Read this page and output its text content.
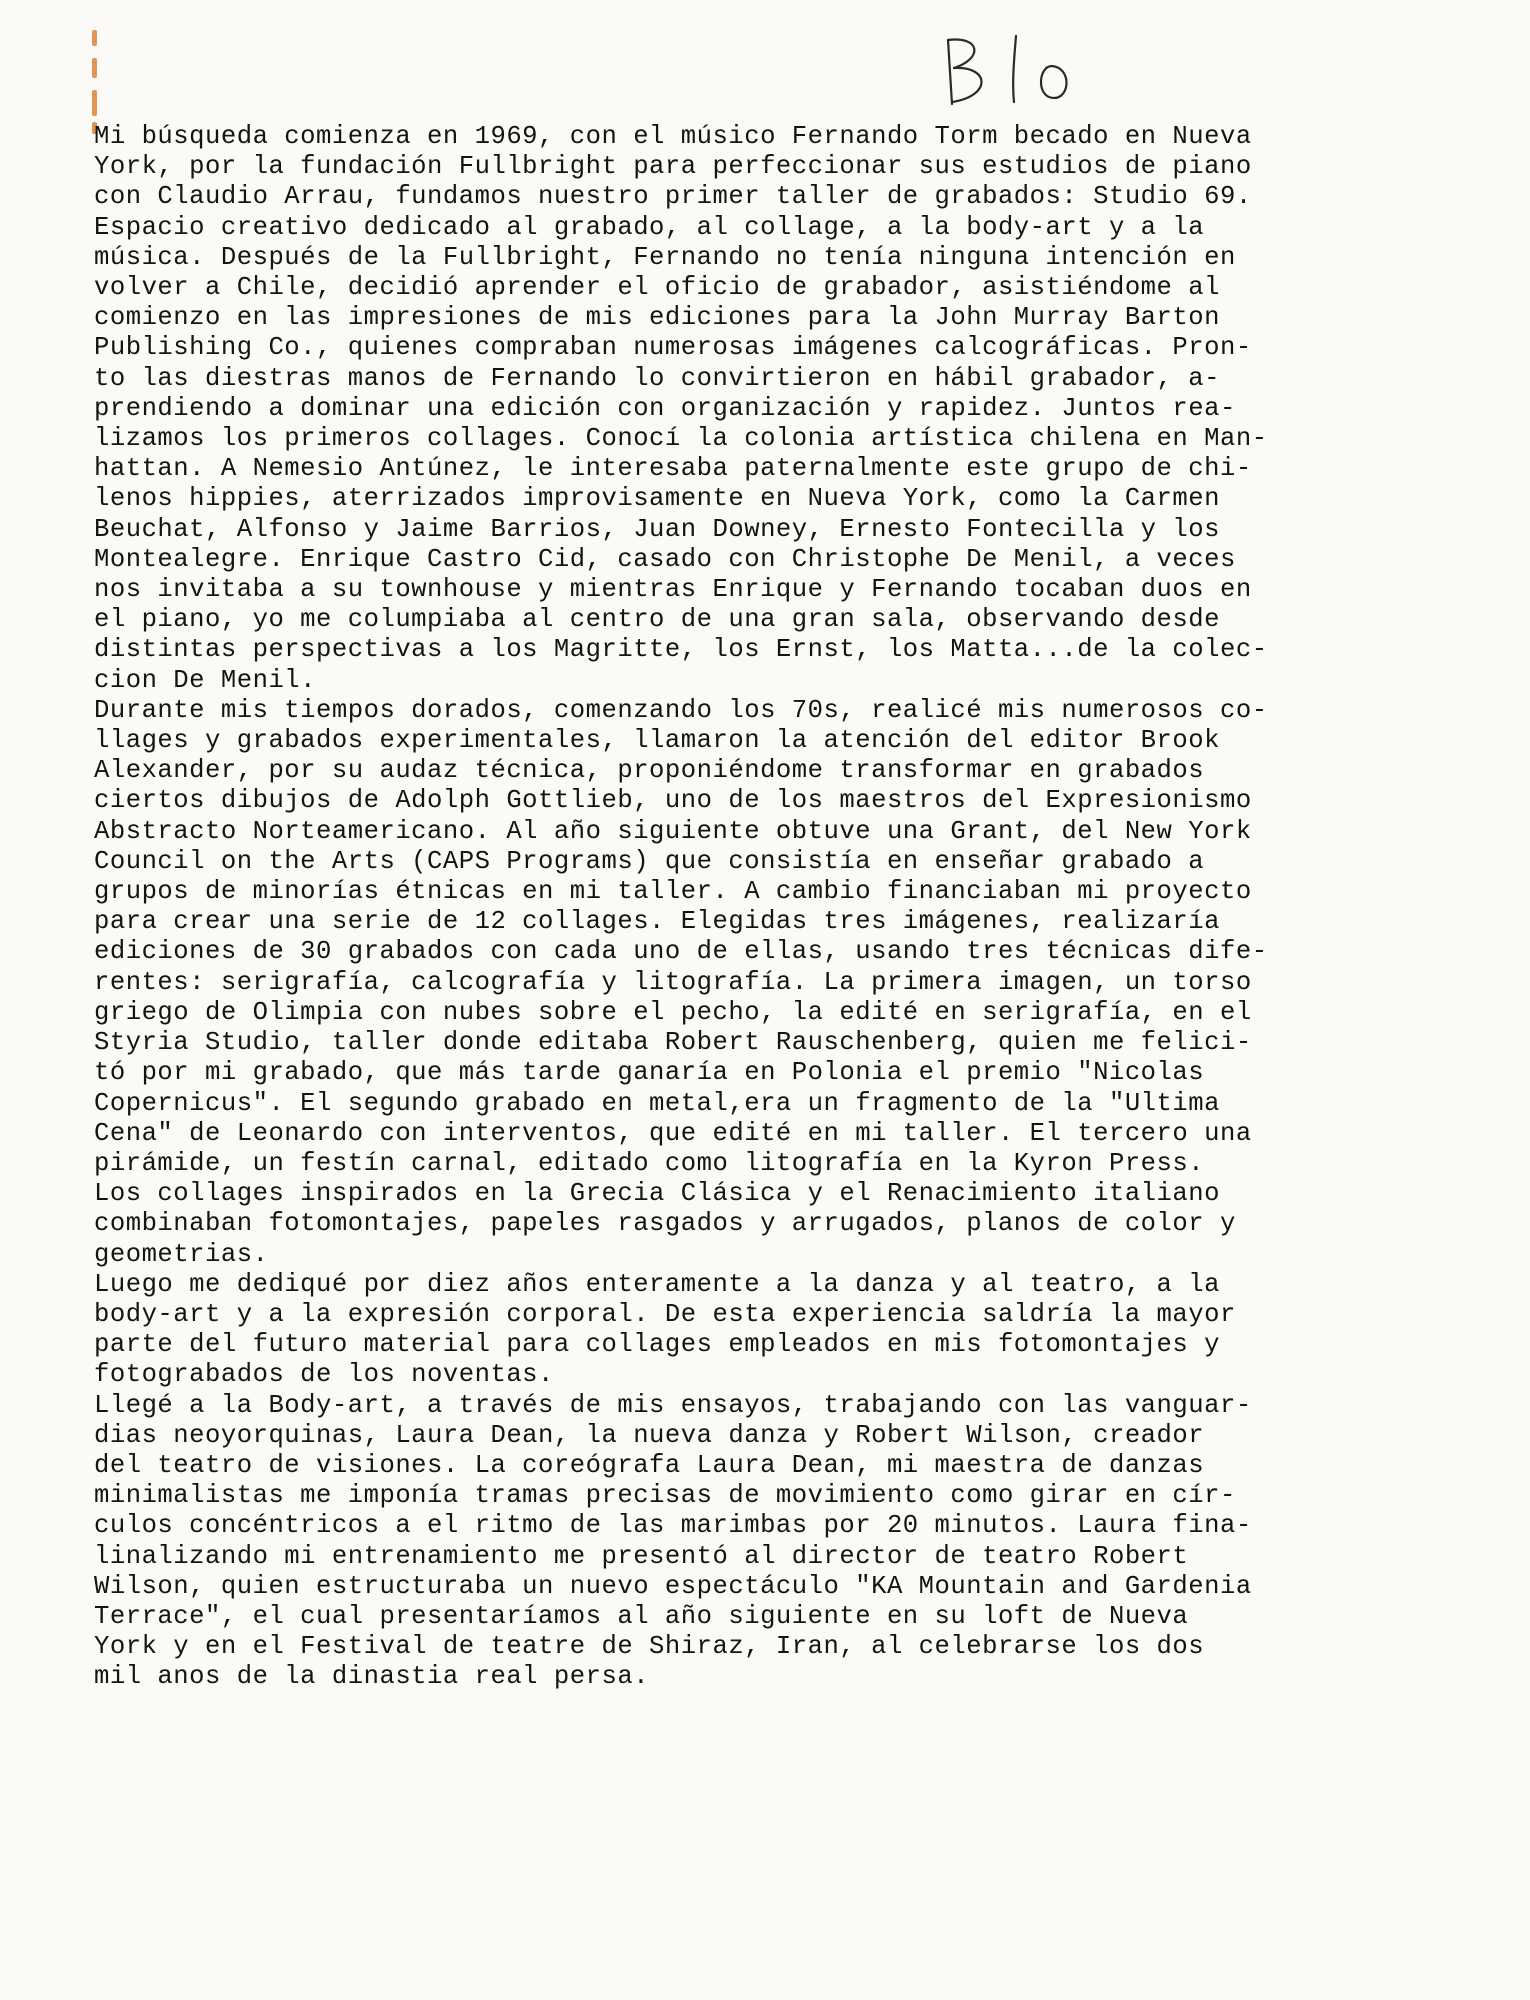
Mi búsqueda comienza en 1969, con el músico Fernando Torm becado en Nueva
York, por la fundación Fullbright para perfeccionar sus estudios de piano
con Claudio Arrau, fundamos nuestro primer taller de grabados: Studio 69.
Espacio creativo dedicado al grabado, al collage, a la body-art y a la
música. Después de la Fullbright, Fernando no tenía ninguna intención en
volver a Chile, decidió aprender el oficio de grabador, asistiéndome al
comienzo en las impresiones de mis ediciones para la John Murray Barton
Publishing Co., quienes compraban numerosas imágenes calcográficas. Pron-
to las diestras manos de Fernando lo convirtieron en hábil grabador, a-
prendiendo a dominar una edición con organización y rapidez. Juntos rea-
lizamos los primeros collages. Conocí la colonia artística chilena en Man-
hattan. A Nemesio Antúnez, le interesaba paternalmente este grupo de chi-
lenos hippies, aterrizados improvisamente en Nueva York, como la Carmen
Beuchat, Alfonso y Jaime Barrios, Juan Downey, Ernesto Fontecilla y los
Montealegre. Enrique Castro Cid, casado con Christophe De Menil, a veces
nos invitaba a su townhouse y mientras Enrique y Fernando tocaban duos en
el piano, yo me columpiaba al centro de una gran sala, observando desde
distintas perspectivas a los Magritte, los Ernst, los Matta...de la colec-
cion De Menil.
Durante mis tiempos dorados, comenzando los 70s, realicé mis numerosos co-
llages y grabados experimentales, llamaron la atención del editor Brook
Alexander, por su audaz técnica, proponiéndome transformar en grabados
ciertos dibujos de Adolph Gottlieb, uno de los maestros del Expresionismo
Abstracto Norteamericano. Al año siguiente obtuve una Grant, del New York
Council on the Arts (CAPS Programs) que consistía en enseñar grabado a
grupos de minorías étnicas en mi taller. A cambio financiaban mi proyecto
para crear una serie de 12 collages. Elegidas tres imágenes, realizaría
ediciones de 30 grabados con cada uno de ellas, usando tres técnicas dife-
rentes: serigrafía, calcografía y litografía. La primera imagen, un torso
griego de Olimpia con nubes sobre el pecho, la edité en serigrafía, en el
Styria Studio, taller donde editaba Robert Rauschenberg, quien me felici-
tó por mi grabado, que más tarde ganaría en Polonia el premio "Nicolas
Copernicus". El segundo grabado en metal,era un fragmento de la "Ultima
Cena" de Leonardo con interventos, que edité en mi taller. El tercero una
pirámide, un festín carnal, editado como litografía en la Kyron Press.
Los collages inspirados en la Grecia Clásica y el Renacimiento italiano
combinaban fotomontajes, papeles rasgados y arrugados, planos de color y
geometrias.
Luego me dediqué por diez años enteramente a la danza y al teatro, a la
body-art y a la expresión corporal. De esta experiencia saldría la mayor
parte del futuro material para collages empleados en mis fotomontajes y
fotograbados de los noventas.
Llegé a la Body-art, a través de mis ensayos, trabajando con las vanguar-
dias neoyorquinas, Laura Dean, la nueva danza y Robert Wilson, creador
del teatro de visiones. La coreógrafa Laura Dean, mi maestra de danzas
minimalistas me imponía tramas precisas de movimiento como girar en cír-
culos concéntricos a el ritmo de las marimbas por 20 minutos. Laura fina-
linalizando mi entrenamiento me presentó al director de teatro Robert
Wilson, quien estructuraba un nuevo espectáculo "KA Mountain and Gardenia
Terrace", el cual presentaríamos al año siguiente en su loft de Nueva
York y en el Festival de teatre de Shiraz, Iran, al celebrarse los dos
mil anos de la dinastia real persa.
